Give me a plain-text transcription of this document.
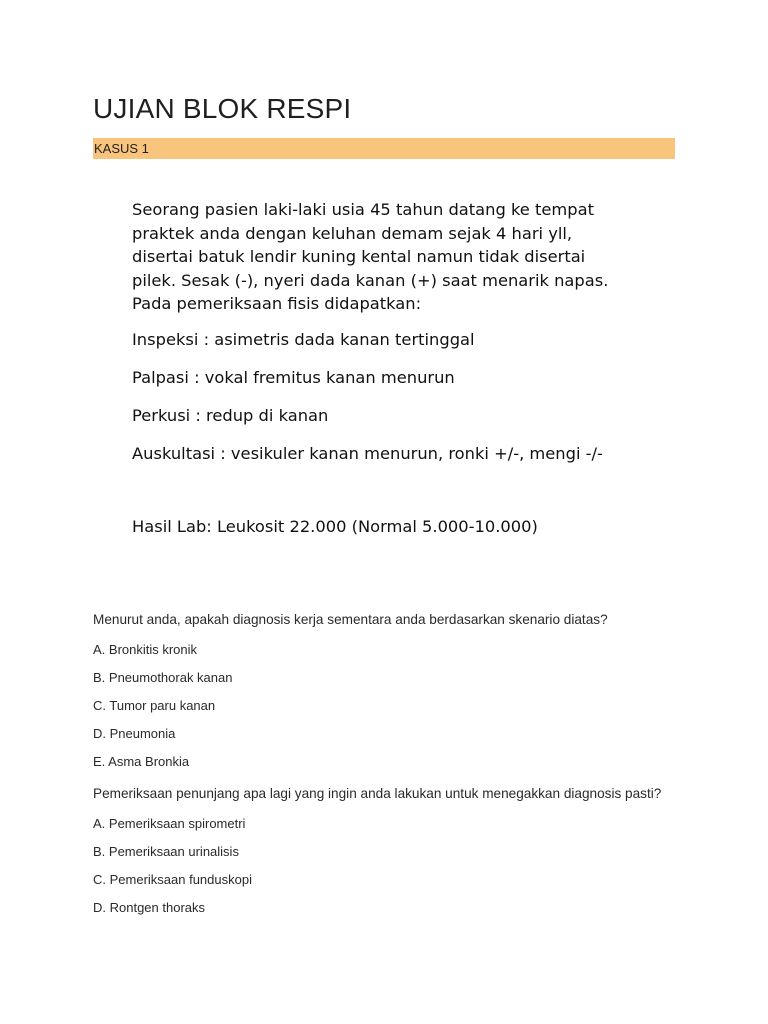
UJIAN BLOK RESPI
KASUS 1

Seorang pasien laki-laki usia 45 tahun datang ke tempat
praktek anda dengan keluhan demam sejak 4 hari yll,
disertai batuk lendir kuning kental namun tidak disertai
pilek. Sesak (-), nyeri dada kanan (+) saat menarik napas.
Pada pemeriksaan fisis didapatkan:

Inspeksi : asimetris dada kanan tertinggal

Palpasi : vokal fremitus kanan menurun

Perkusi : redup di kanan

Auskultasi : vesikuler kanan menurun, ronki +/-, mengi -/-

Hasil Lab: Leukosit 22.000 (Normal 5.000-10.000)

Menurut anda, apakah diagnosis kerja sementara anda berdasarkan skenario diatas?

A. Bronkitis kronik
B. Pneumothorak kanan
C. Tumor paru kanan
D. Pneumonia
E. Asma Bronkia

Pemeriksaan penunjang apa lagi yang ingin anda lakukan untuk menegakkan diagnosis pasti?

A. Pemeriksaan spirometri
B. Pemeriksaan urinalisis
C. Pemeriksaan funduskopi
D. Rontgen thoraks
